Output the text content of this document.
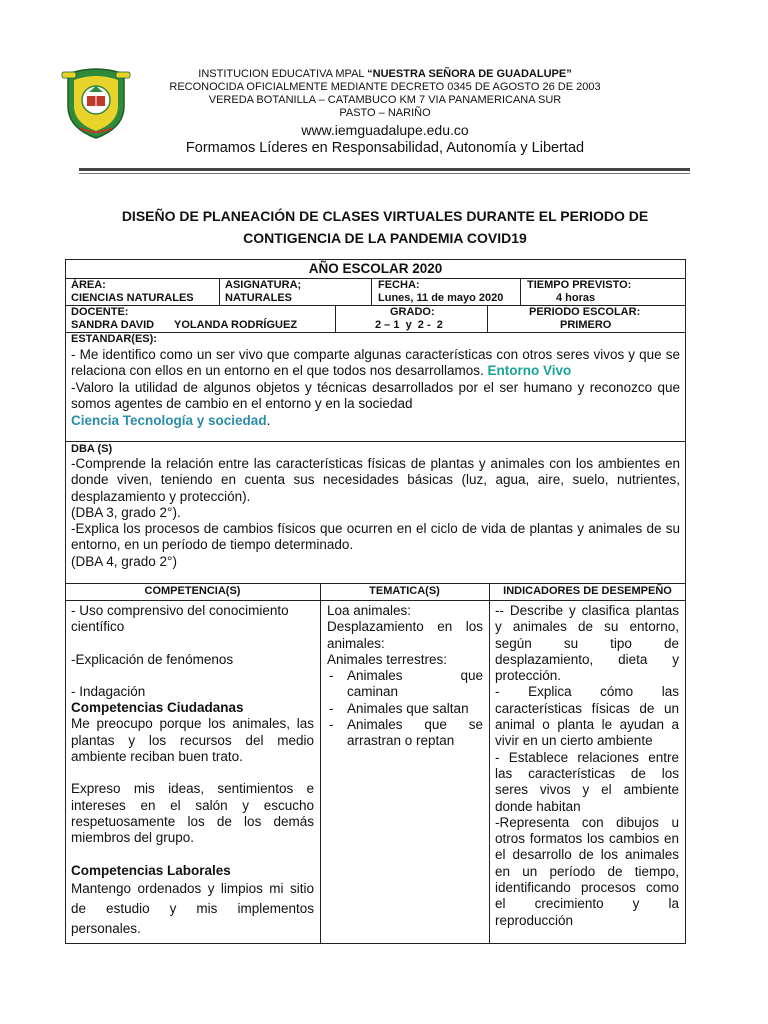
INSTITUCION EDUCATIVA MPAL “NUESTRA SEÑORA DE GUADALUPE”
RECONOCIDA OFICIALMENTE MEDIANTE DECRETO 0345 DE AGOSTO 26 DE 2003
VEREDA BOTANILLA – CATAMBUCO KM 7 VIA PANAMERICANA SUR
PASTO – NARIÑO
www.iemguadalupe.edu.co
Formamos Líderes en Responsabilidad, Autonomía y Libertad
DISEÑO DE PLANEACIÓN DE CLASES VIRTUALES DURANTE EL PERIODO DE
CONTIGENCIA DE LA PANDEMIA COVID19
AÑO ESCOLAR 2020
ÁREA:
CIENCIAS NATURALES
ASIGNATURA;
NATURALES
FECHA:
Lunes, 11 de mayo 2020
TIEMPO PREVISTO:
4 horas
DOCENTE:
SANDRA DAVID YOLANDA RODRÍGUEZ
GRADO:
2 – 1  y  2 -  2
PERIODO ESCOLAR:
PRIMERO
ESTANDAR(ES):
- Me identifico como un ser vivo que comparte algunas características con otros seres vivos y que se relaciona con ellos en un entorno en el que todos nos desarrollamos. Entorno Vivo
-Valoro la utilidad de algunos objetos y técnicas desarrollados por el ser humano y reconozco que somos agentes de cambio en el entorno y en la sociedad
Ciencia Tecnología y sociedad.
DBA (S)
-Comprende la relación entre las características físicas de plantas y animales con los ambientes en donde viven, teniendo en cuenta sus necesidades básicas (luz, agua, aire, suelo, nutrientes, desplazamiento y protección).
(DBA 3, grado 2°).
-Explica los procesos de cambios físicos que ocurren en el ciclo de vida de plantas y animales de su entorno, en un período de tiempo determinado.
(DBA 4, grado 2°)
COMPETENCIA(S)	TEMATICA(S)	INDICADORES DE DESEMPEÑO
- Uso comprensivo del conocimiento científico
-Explicación de fenómenos
- Indagación
Competencias Ciudadanas
Me preocupo porque los animales, las plantas y los recursos del medio ambiente reciban buen trato.
Expreso mis ideas, sentimientos e intereses en el salón y escucho respetuosamente los de los demás miembros del grupo.
Competencias Laborales
Mantengo ordenados y limpios mi sitio de estudio y mis implementos personales.
Loa animales:
Desplazamiento en los animales:
Animales terrestres:
- Animales que caminan
- Animales que saltan
- Animales que se arrastran o reptan
-- Describe y clasifica plantas y animales de su entorno, según su tipo de desplazamiento, dieta y protección.
- Explica cómo las características físicas de un animal o planta le ayudan a vivir en un cierto ambiente
- Establece relaciones entre las características de los seres vivos y el ambiente donde habitan
-Representa con dibujos u otros formatos los cambios en el desarrollo de los animales en un período de tiempo, identificando procesos como el crecimiento y la reproducción
